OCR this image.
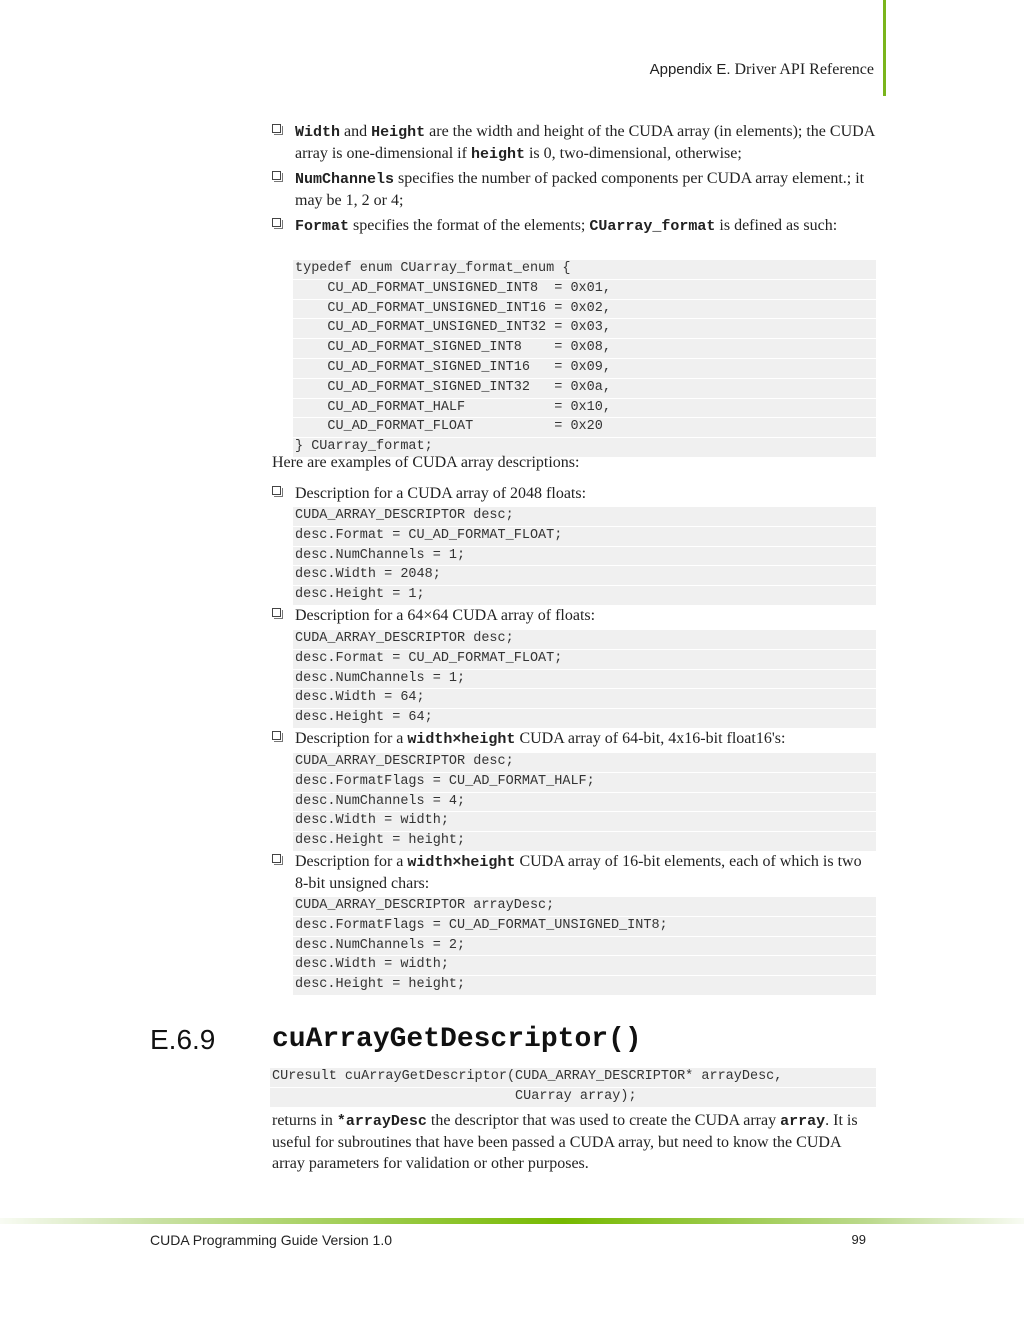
Appendix E. Driver API Reference
Width and Height are the width and height of the CUDA array (in elements); the CUDA array is one-dimensional if height is 0, two-dimensional, otherwise;
NumChannels specifies the number of packed components per CUDA array element.; it may be 1, 2 or 4;
Format specifies the format of the elements; CUarray_format is defined as such:
typedef enum CUarray_format_enum {
CU_AD_FORMAT_UNSIGNED_INT8  = 0x01,
CU_AD_FORMAT_UNSIGNED_INT16 = 0x02,
CU_AD_FORMAT_UNSIGNED_INT32 = 0x03,
CU_AD_FORMAT_SIGNED_INT8    = 0x08,
CU_AD_FORMAT_SIGNED_INT16   = 0x09,
CU_AD_FORMAT_SIGNED_INT32   = 0x0a,
CU_AD_FORMAT_HALF           = 0x10,
CU_AD_FORMAT_FLOAT          = 0x20
} CUarray_format;
Here are examples of CUDA array descriptions:
Description for a CUDA array of 2048 floats:
CUDA_ARRAY_DESCRIPTOR desc;
desc.Format = CU_AD_FORMAT_FLOAT;
desc.NumChannels = 1;
desc.Width = 2048;
desc.Height = 1;
Description for a 64×64 CUDA array of floats:
CUDA_ARRAY_DESCRIPTOR desc;
desc.Format = CU_AD_FORMAT_FLOAT;
desc.NumChannels = 1;
desc.Width = 64;
desc.Height = 64;
Description for a width×height CUDA array of 64-bit, 4x16-bit float16's:
CUDA_ARRAY_DESCRIPTOR desc;
desc.FormatFlags = CU_AD_FORMAT_HALF;
desc.NumChannels = 4;
desc.Width = width;
desc.Height = height;
Description for a width×height CUDA array of 16-bit elements, each of which is two 8-bit unsigned chars:
CUDA_ARRAY_DESCRIPTOR arrayDesc;
desc.FormatFlags = CU_AD_FORMAT_UNSIGNED_INT8;
desc.NumChannels = 2;
desc.Width = width;
desc.Height = height;
E.6.9 cuArrayGetDescriptor()
CUresult cuArrayGetDescriptor(CUDA_ARRAY_DESCRIPTOR* arrayDesc,
CUarray array);
returns in *arrayDesc the descriptor that was used to create the CUDA array array. It is useful for subroutines that have been passed a CUDA array, but need to know the CUDA array parameters for validation or other purposes.
CUDA Programming Guide Version 1.0	99
